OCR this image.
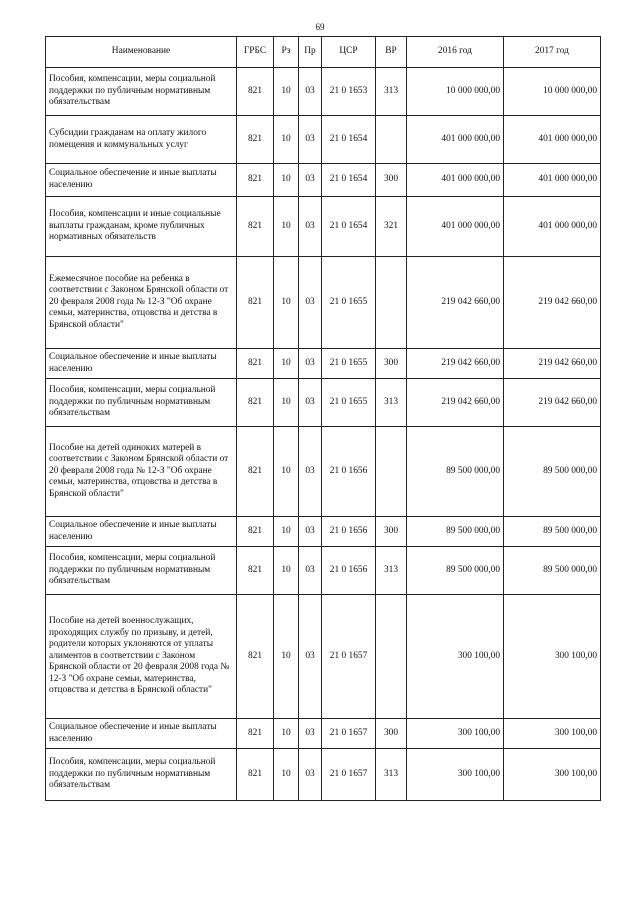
69
Наименование	ГРБС	Рз	Пр	ЦСР	ВР	2016 год	2017 год
Пособия, компенсации, меры социальной поддержки по публичным нормативным обязательствам	821	10	03	21 0 1653	313	10 000 000,00	10 000 000,00
Субсидии гражданам на оплату жилого помещения и коммунальных услуг	821	10	03	21 0 1654		401 000 000,00	401 000 000,00
Социальное обеспечение и иные выплаты населению	821	10	03	21 0 1654	300	401 000 000,00	401 000 000,00
Пособия, компенсации и иные социальные выплаты гражданам, кроме публичных нормативных обязательств	821	10	03	21 0 1654	321	401 000 000,00	401 000 000,00
Ежемесячное пособие на ребенка в соответствии с Законом Брянской области от 20 февраля 2008 года № 12-З "Об охране семьи, материнства, отцовства и детства в Брянской области"	821	10	03	21 0 1655		219 042 660,00	219 042 660,00
Социальное обеспечение и иные выплаты населению	821	10	03	21 0 1655	300	219 042 660,00	219 042 660,00
Пособия, компенсации, меры социальной поддержки по публичным нормативным обязательствам	821	10	03	21 0 1655	313	219 042 660,00	219 042 660,00
Пособие на детей одиноких матерей в соответствии с Законом Брянской области от 20 февраля 2008 года № 12-З "Об охране семьи, материнства, отцовства и детства в Брянской области"	821	10	03	21 0 1656		89 500 000,00	89 500 000,00
Социальное обеспечение и иные выплаты населению	821	10	03	21 0 1656	300	89 500 000,00	89 500 000,00
Пособия, компенсации, меры социальной поддержки по публичным нормативным обязательствам	821	10	03	21 0 1656	313	89 500 000,00	89 500 000,00
Пособие на детей военнослужащих, проходящих службу по призыву, и детей, родители которых уклоняются от уплаты алиментов в соответствии с Законом Брянской области от 20 февраля 2008 года № 12-З "Об охране семьи, материнства, отцовства и детства в Брянской области"	821	10	03	21 0 1657		300 100,00	300 100,00
Социальное обеспечение и иные выплаты населению	821	10	03	21 0 1657	300	300 100,00	300 100,00
Пособия, компенсации, меры социальной поддержки по публичным нормативным обязательствам	821	10	03	21 0 1657	313	300 100,00	300 100,00
